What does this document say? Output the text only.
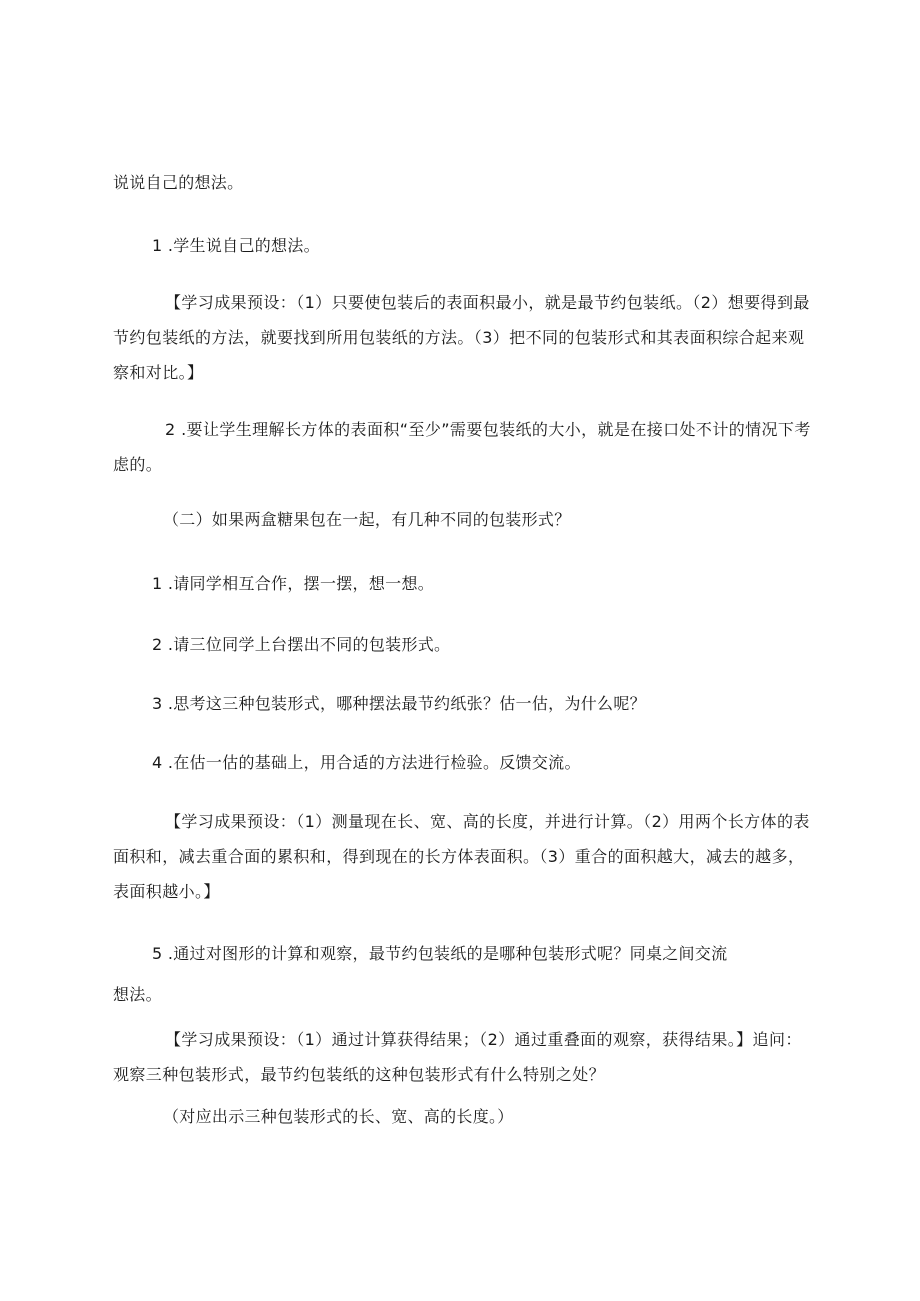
说说自己的想法。
1 .学生说自己的想法。
【学习成果预设：（1）只要使包装后的表面积最小，就是最节约包装纸。（2）想要得到最节约包装纸的方法，就要找到所用包装纸的方法。（3）把不同的包装形式和其表面积综合起来观察和对比。】
2 .要让学生理解长方体的表面积“至少”需要包装纸的大小，就是在接口处不计的情况下考虑的。
（二）如果两盒糖果包在一起，有几种不同的包装形式？
1 .请同学相互合作，摆一摆，想一想。
2 .请三位同学上台摆出不同的包装形式。
3 .思考这三种包装形式，哪种摆法最节约纸张？估一估，为什么呢？
4 .在估一估的基础上，用合适的方法进行检验。反馈交流。
【学习成果预设：（1）测量现在长、宽、高的长度，并进行计算。（2）用两个长方体的表面积和，减去重合面的累积和，得到现在的长方体表面积。（3）重合的面积越大，减去的越多，表面积越小。】
5 .通过对图形的计算和观察，最节约包装纸的是哪种包装形式呢？同桌之间交流
想法。
【学习成果预设：（1）通过计算获得结果；（2）通过重叠面的观察，获得结果。】追问：观察三种包装形式，最节约包装纸的这种包装形式有什么特别之处？
（对应出示三种包装形式的长、宽、高的长度。）
